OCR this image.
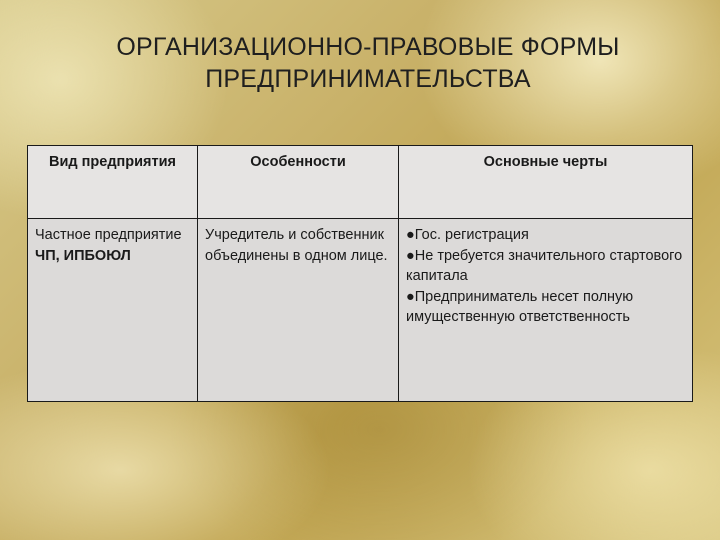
ОРГАНИЗАЦИОННО-ПРАВОВЫЕ ФОРМЫ
ПРЕДПРИНИМАТЕЛЬСТВА
Вид предприятия	Особенности	Основные черты

Частное предприятие
ЧП, ИПБОЮЛ	Учредитель и собственник объединены в одном лице.	●Гос. регистрация
●Не требуется значительного стартового капитала
●Предприниматель несет полную имущественную ответственность
